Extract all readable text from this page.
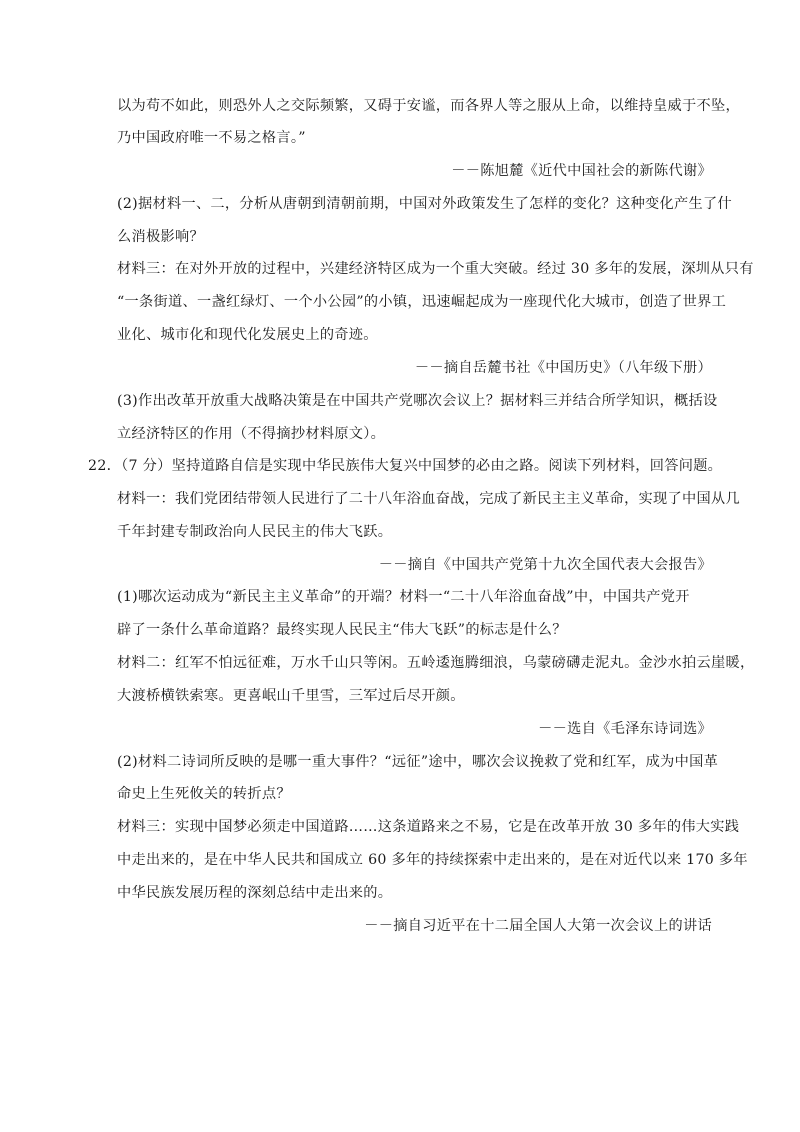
以为苟不如此，则恐外人之交际频繁，又碍于安谧，而各界人等之服从上命，以维持皇威于不坠，
乃中国政府唯一不易之格言。”
－－陈旭麓《近代中国社会的新陈代谢》
(2)据材料一、二，分析从唐朝到清朝前期，中国对外政策发生了怎样的变化？这种变化产生了什
么消极影响？
材料三：在对外开放的过程中，兴建经济特区成为一个重大突破。经过 30 多年的发展，深圳从只有
“一条街道、一盏红绿灯、一个小公园”的小镇，迅速崛起成为一座现代化大城市，创造了世界工
业化、城市化和现代化发展史上的奇迹。
－－摘自岳麓书社《中国历史》（八年级下册）
(3)作出改革开放重大战略决策是在中国共产党哪次会议上？据材料三并结合所学知识，概括设
立经济特区的作用（不得摘抄材料原文）。
22．（7 分）坚持道路自信是实现中华民族伟大复兴中国梦的必由之路。阅读下列材料，回答问题。
材料一：我们党团结带领人民进行了二十八年浴血奋战，完成了新民主主义革命，实现了中国从几
千年封建专制政治向人民民主的伟大飞跃。
－－摘自《中国共产党第十九次全国代表大会报告》
(1)哪次运动成为“新民主主义革命”的开端？材料一“二十八年浴血奋战”中，中国共产党开
辟了一条什么革命道路？最终实现人民民主“伟大飞跃”的标志是什么？
材料二：红军不怕远征难，万水千山只等闲。五岭逶迤腾细浪，乌蒙磅礴走泥丸。金沙水拍云崖暖，
大渡桥横铁索寒。更喜岷山千里雪，三军过后尽开颜。
－－选自《毛泽东诗词选》
(2)材料二诗词所反映的是哪一重大事件？“远征”途中，哪次会议挽救了党和红军，成为中国革
命史上生死攸关的转折点？
材料三：实现中国梦必须走中国道路……这条道路来之不易，它是在改革开放 30 多年的伟大实践
中走出来的，是在中华人民共和国成立 60 多年的持续探索中走出来的，是在对近代以来 170 多年
中华民族发展历程的深刻总结中走出来的。
－－摘自习近平在十二届全国人大第一次会议上的讲话
